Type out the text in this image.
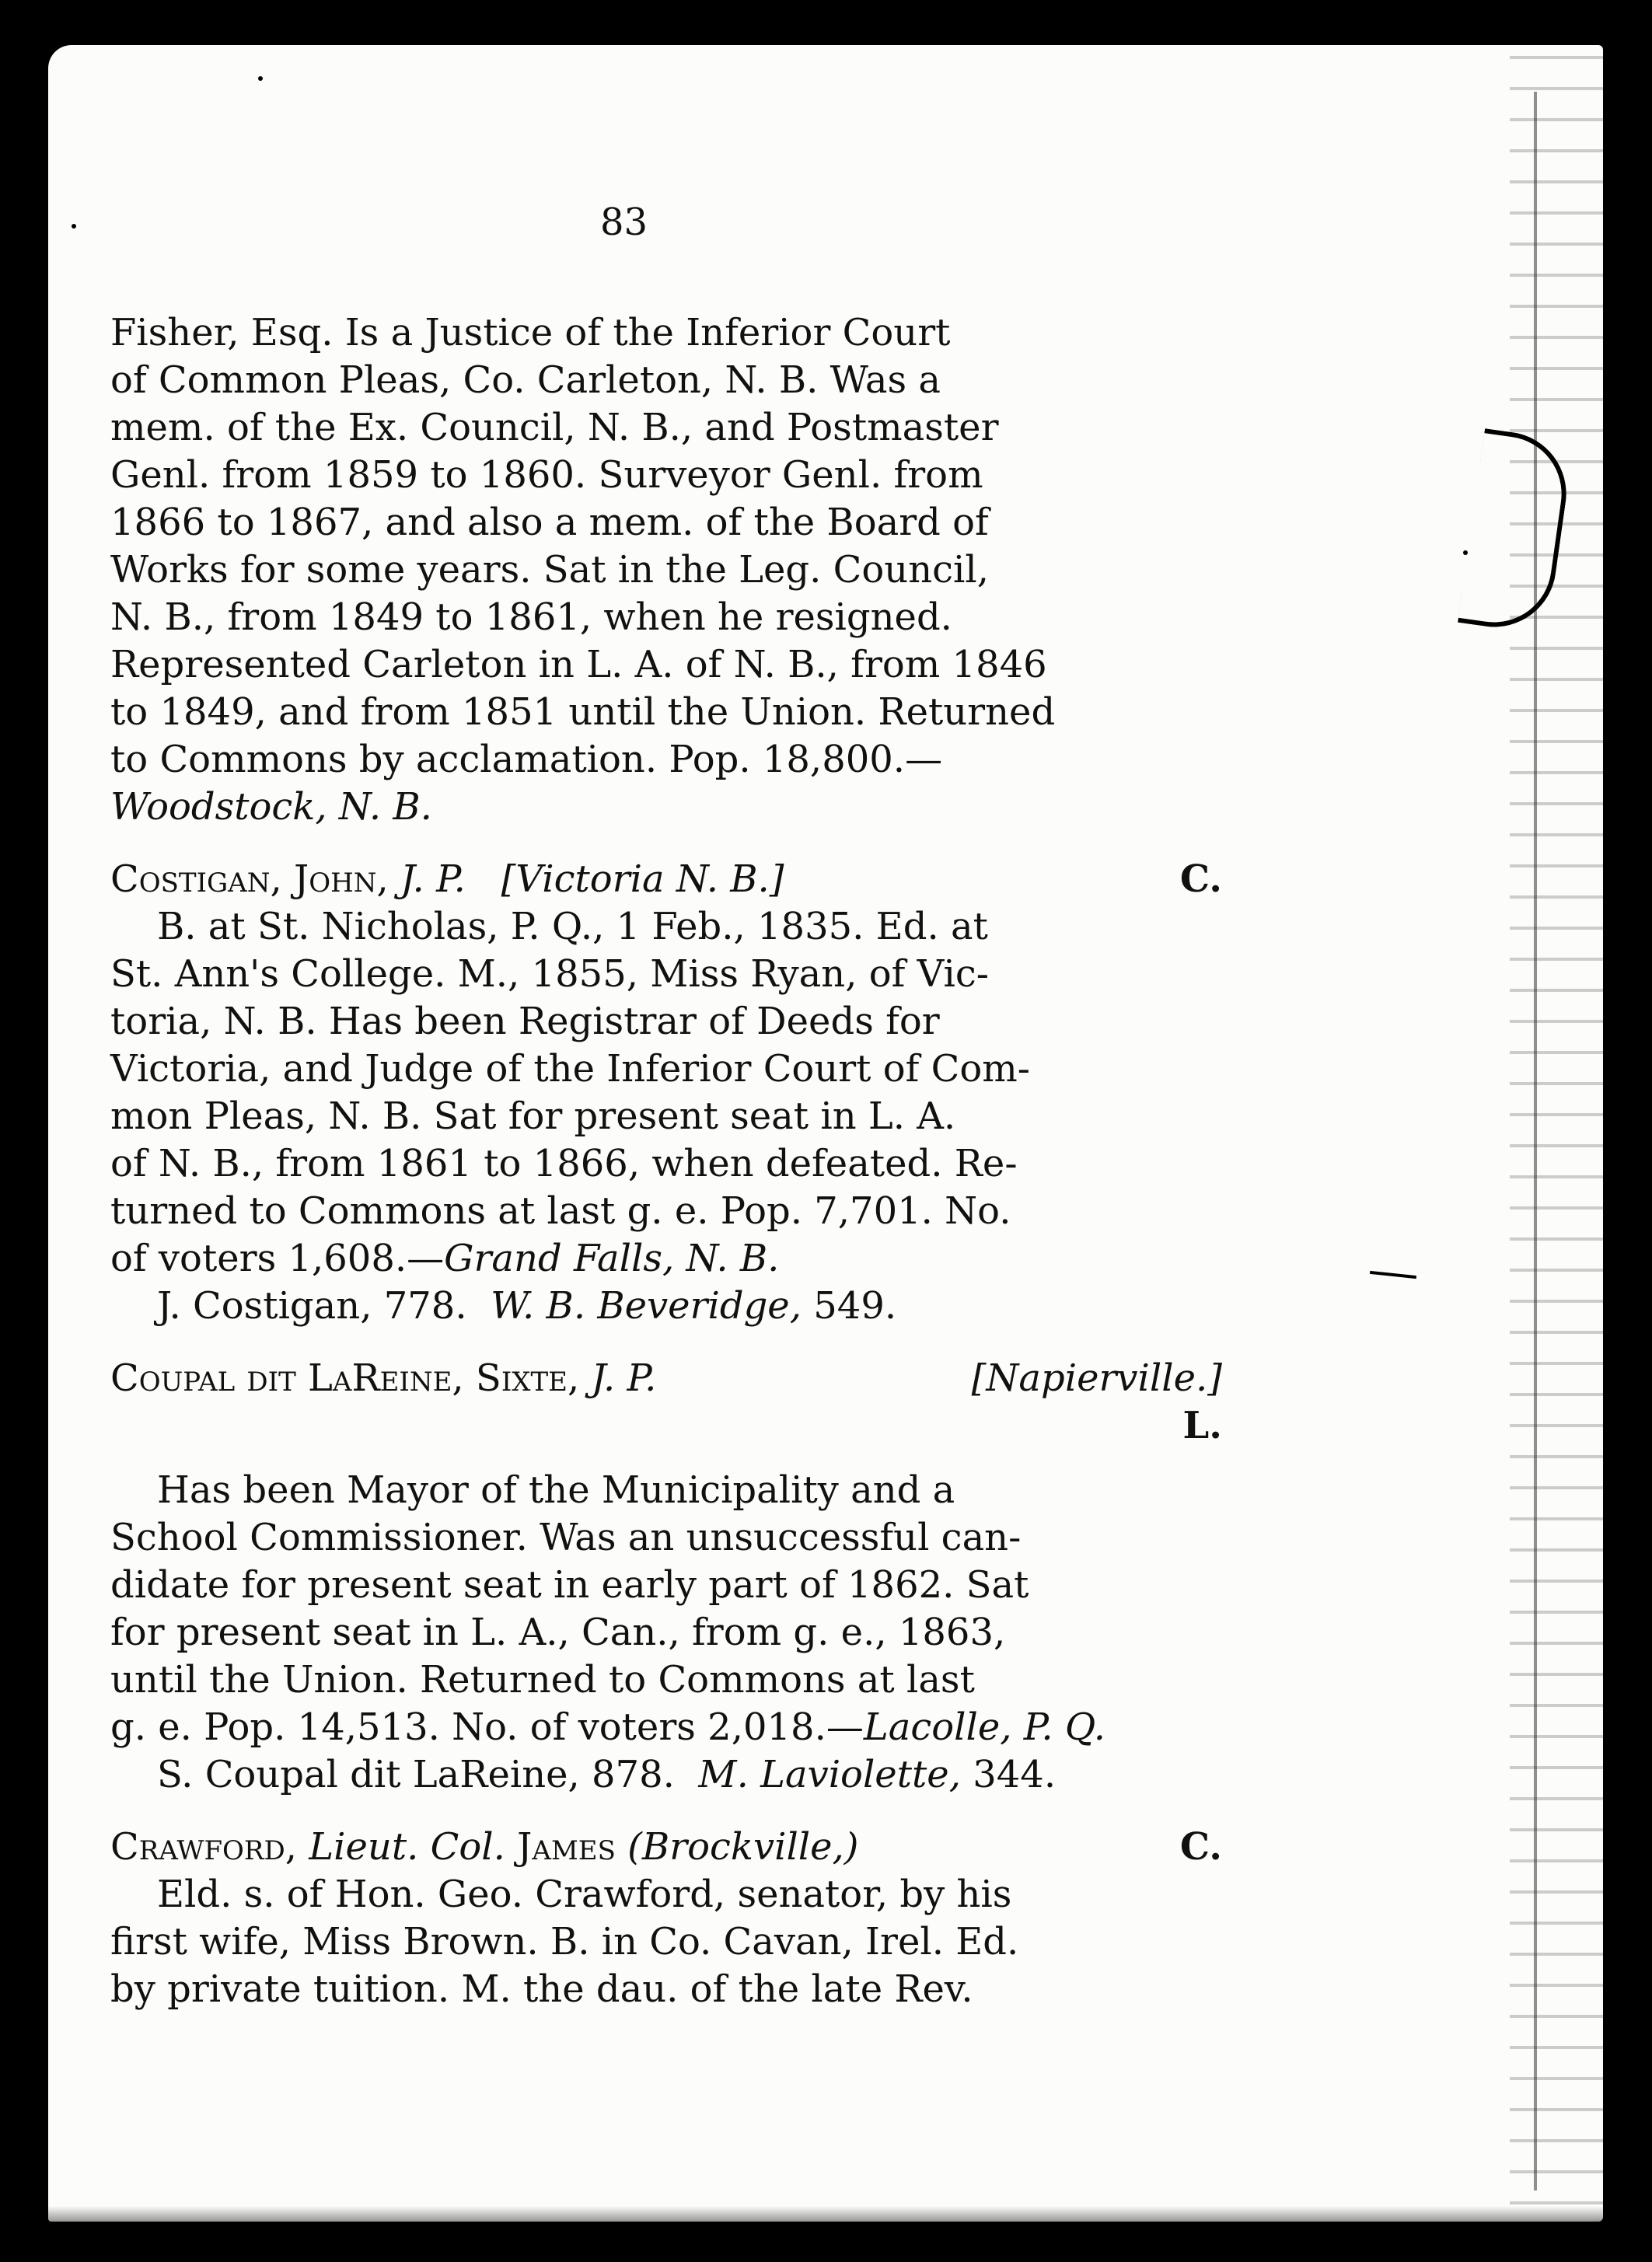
83

Fisher, Esq. Is a Justice of the Inferior Court

of Common Pleas, Co. Carleton, N. B. Was a

mem. of the Ex. Council, N. B., and Postmaster

Genl. from 1859 to 1860. Surveyor Genl. from

1866 to 1867, and also a mem. of the Board of

Works for some years. Sat in the Leg. Council,

N. B., from 1849 to 1861, when he resigned.

Represented Carleton in L. A. of N. B., from 1846

to 1849, and from 1851 until the Union. Returned

to Commons by acclamation. Pop. 18,800.—

Woodstock, N. B.

Costigan, John, J. P. [Victoria N. B.]	C.

B. at St. Nicholas, P. Q., 1 Feb., 1835. Ed. at

St. Ann's College. M., 1855, Miss Ryan, of Vic-

toria, N. B. Has been Registrar of Deeds for

Victoria, and Judge of the Inferior Court of Com-

mon Pleas, N. B. Sat for present seat in L. A.

of N. B., from 1861 to 1866, when defeated. Re-

turned to Commons at last g. e. Pop. 7,701. No.

of voters 1,608.—Grand Falls, N. B.

J. Costigan, 778. W. B. Beveridge, 549.

Coupal dit LaReine, Sixte, J. P.	[Napierville.]

L.

Has been Mayor of the Municipality and a

School Commissioner. Was an unsuccessful can-

didate for present seat in early part of 1862. Sat

for present seat in L. A., Can., from g. e., 1863,

until the Union. Returned to Commons at last

g. e. Pop. 14,513. No. of voters 2,018.—Lacolle, P. Q.

S. Coupal dit LaReine, 878. M. Laviolette, 344.

Crawford, Lieut. Col. James (Brockville,)	C.

Eld. s. of Hon. Geo. Crawford, senator, by his

first wife, Miss Brown. B. in Co. Cavan, Irel. Ed.

by private tuition. M. the dau. of the late Rev.
